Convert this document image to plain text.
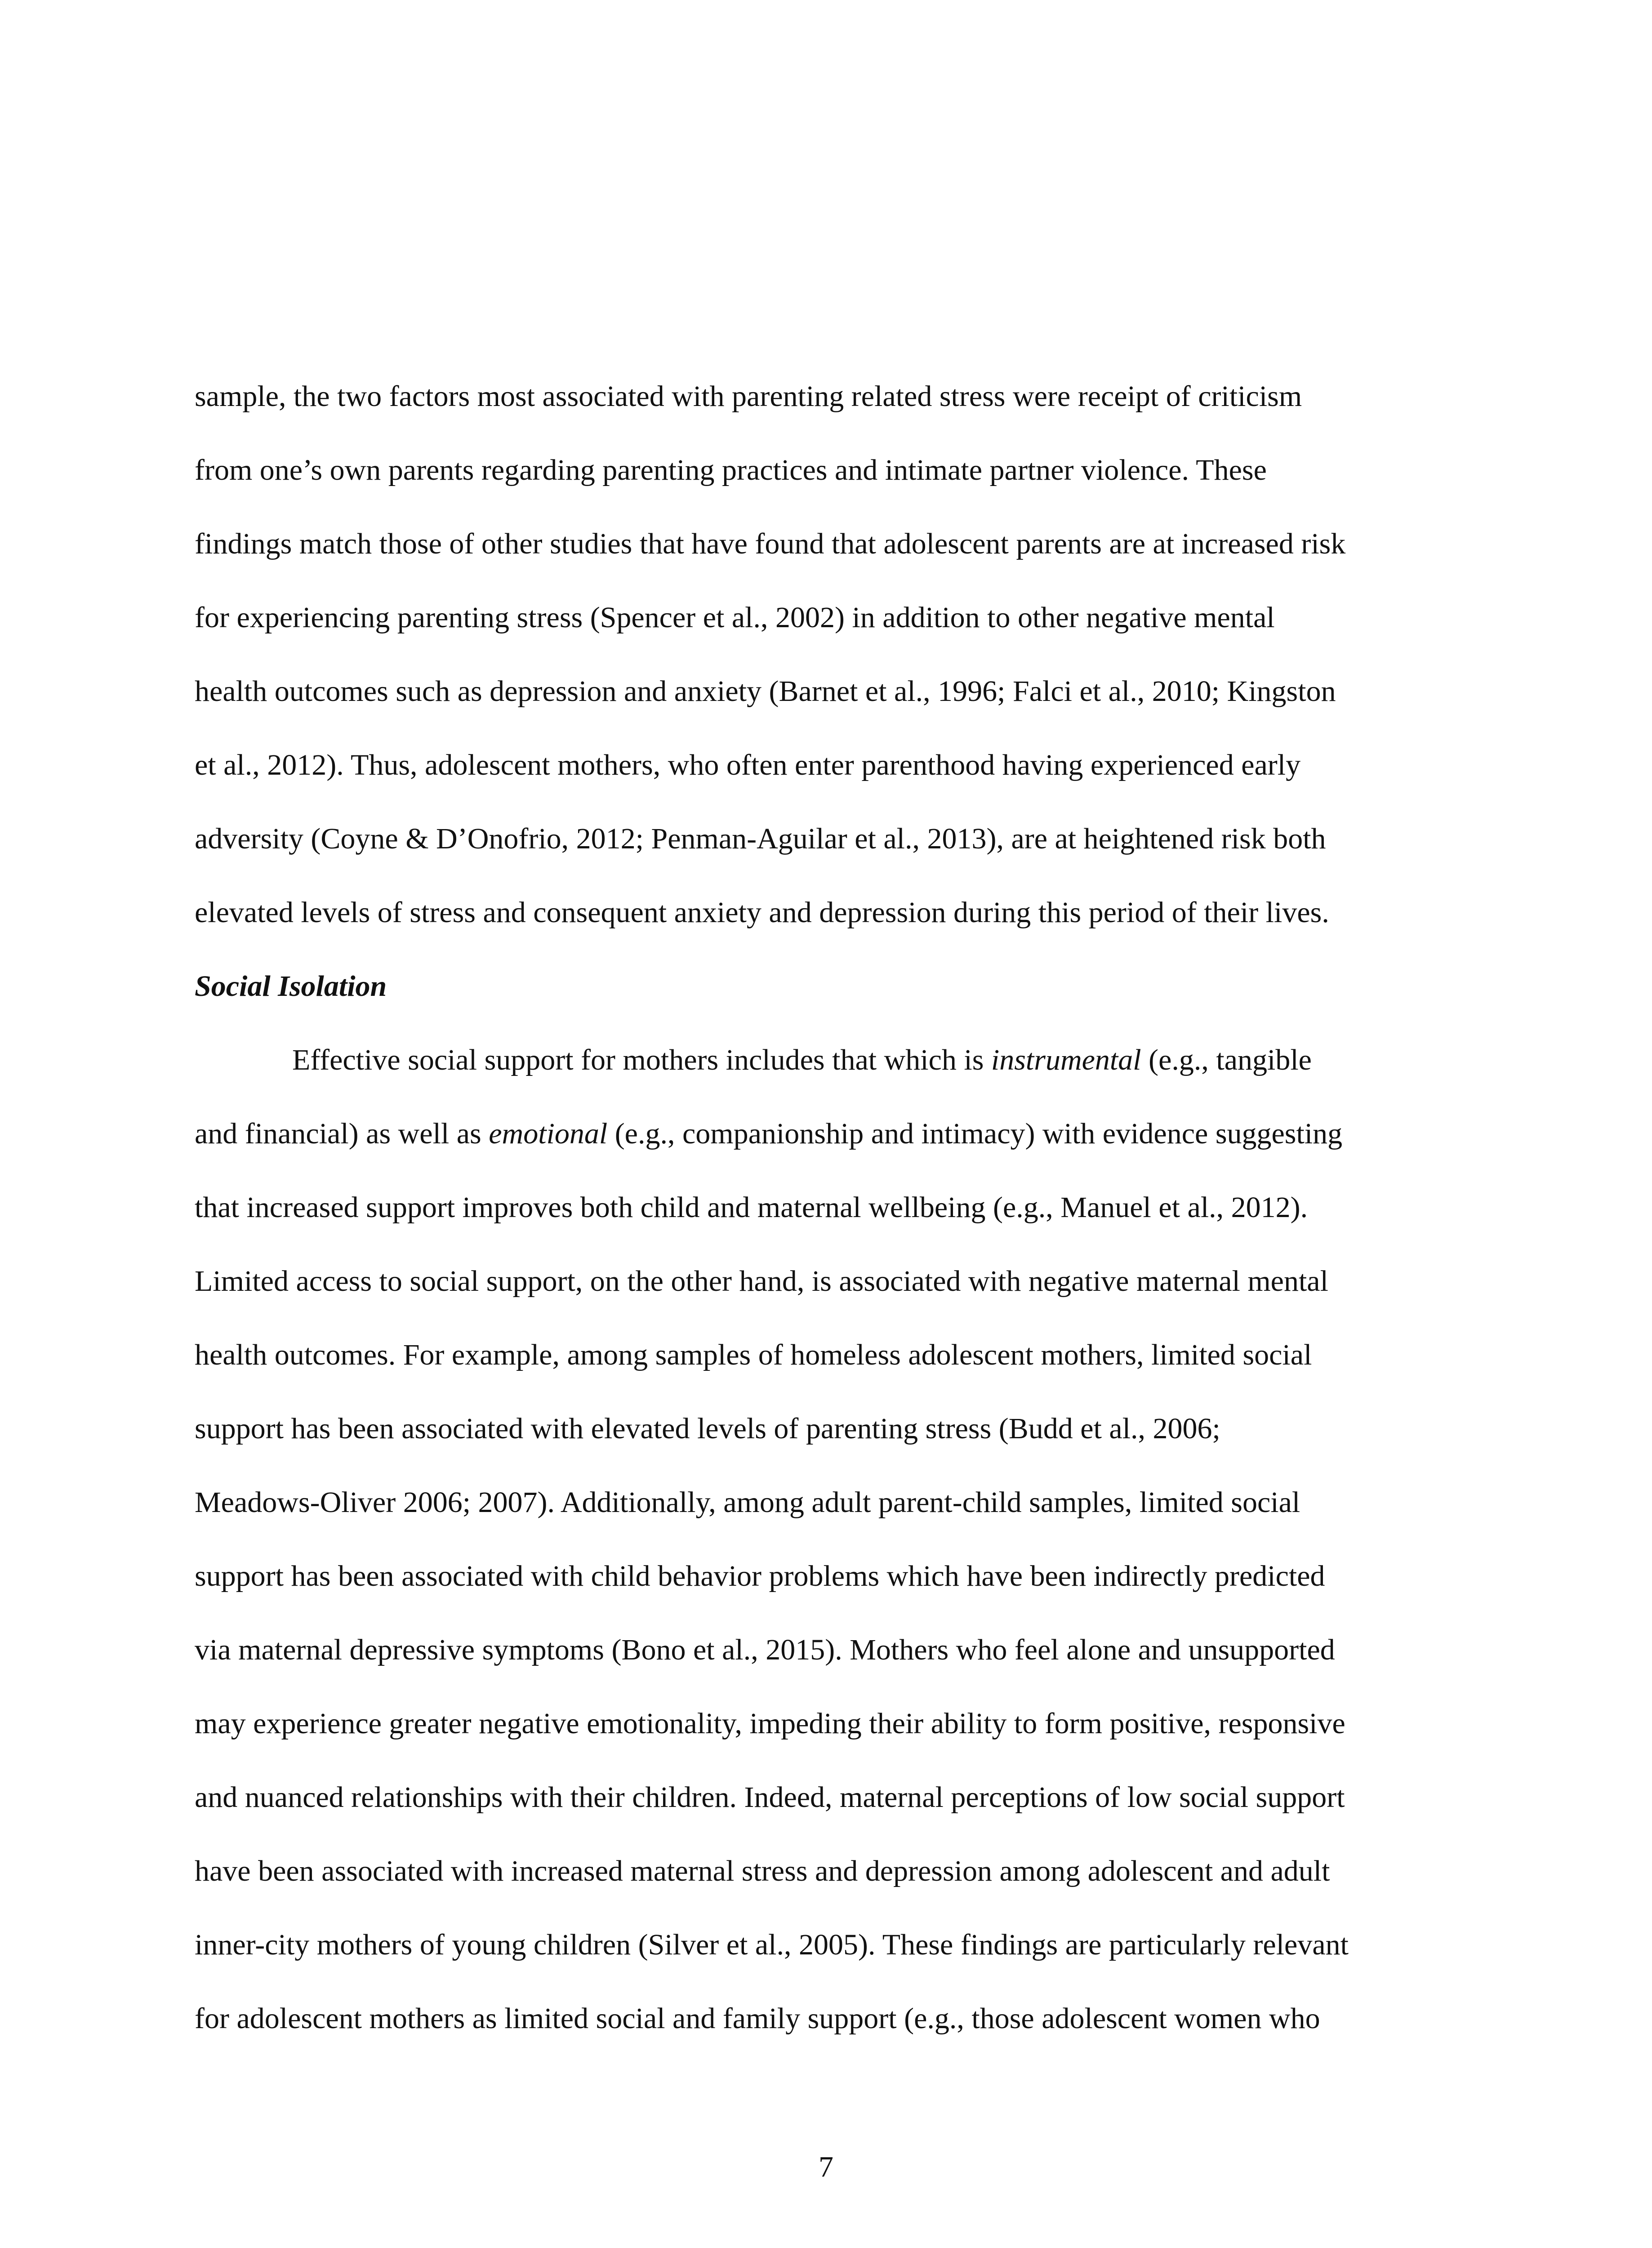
sample, the two factors most associated with parenting related stress were receipt of criticism
from one’s own parents regarding parenting practices and intimate partner violence. These
findings match those of other studies that have found that adolescent parents are at increased risk
for experiencing parenting stress (Spencer et al., 2002) in addition to other negative mental
health outcomes such as depression and anxiety (Barnet et al., 1996; Falci et al., 2010; Kingston
et al., 2012). Thus, adolescent mothers, who often enter parenthood having experienced early
adversity (Coyne & D’Onofrio, 2012; Penman-Aguilar et al., 2013), are at heightened risk both
elevated levels of stress and consequent anxiety and depression during this period of their lives.
Social Isolation
Effective social support for mothers includes that which is instrumental (e.g., tangible
and financial) as well as emotional (e.g., companionship and intimacy) with evidence suggesting
that increased support improves both child and maternal wellbeing (e.g., Manuel et al., 2012).
Limited access to social support, on the other hand, is associated with negative maternal mental
health outcomes. For example, among samples of homeless adolescent mothers, limited social
support has been associated with elevated levels of parenting stress (Budd et al., 2006;
Meadows-Oliver 2006; 2007). Additionally, among adult parent-child samples, limited social
support has been associated with child behavior problems which have been indirectly predicted
via maternal depressive symptoms (Bono et al., 2015). Mothers who feel alone and unsupported
may experience greater negative emotionality, impeding their ability to form positive, responsive
and nuanced relationships with their children. Indeed, maternal perceptions of low social support
have been associated with increased maternal stress and depression among adolescent and adult
inner-city mothers of young children (Silver et al., 2005). These findings are particularly relevant
for adolescent mothers as limited social and family support (e.g., those adolescent women who
7
